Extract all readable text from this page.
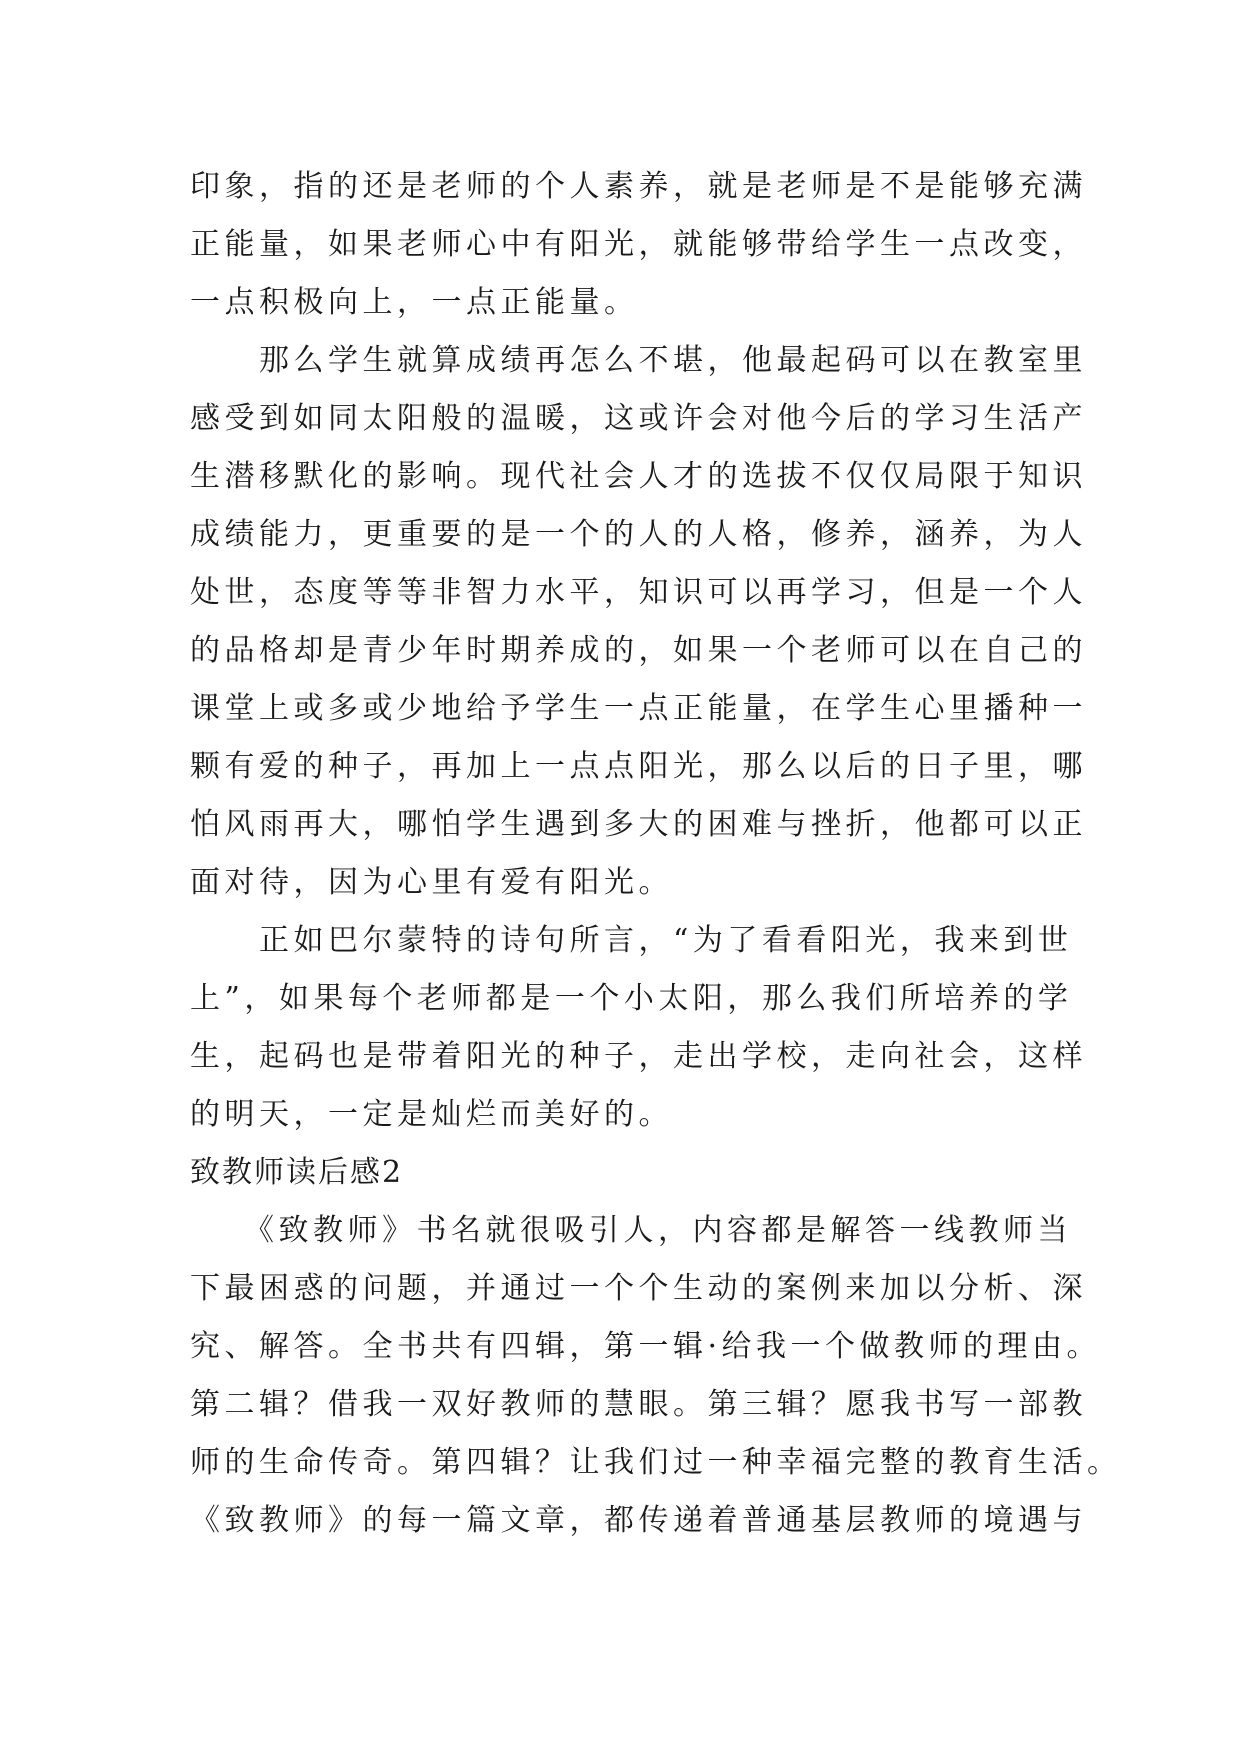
印象，指的还是老师的个人素养，就是老师是不是能够充满
正能量，如果老师心中有阳光，就能够带给学生一点改变，
一点积极向上，一点正能量。
　　那么学生就算成绩再怎么不堪，他最起码可以在教室里
感受到如同太阳般的温暖，这或许会对他今后的学习生活产
生潜移默化的影响。现代社会人才的选拔不仅仅局限于知识
成绩能力，更重要的是一个的人的人格，修养，涵养，为人
处世，态度等等非智力水平，知识可以再学习，但是一个人
的品格却是青少年时期养成的，如果一个老师可以在自己的
课堂上或多或少地给予学生一点正能量，在学生心里播种一
颗有爱的种子，再加上一点点阳光，那么以后的日子里，哪
怕风雨再大，哪怕学生遇到多大的困难与挫折，他都可以正
面对待，因为心里有爱有阳光。
　　正如巴尔蒙特的诗句所言，“为了看看阳光，我来到世
上”，如果每个老师都是一个小太阳，那么我们所培养的学
生，起码也是带着阳光的种子，走出学校，走向社会，这样
的明天，一定是灿烂而美好的。
致教师读后感2
　　《致教师》书名就很吸引人，内容都是解答一线教师当
下最困惑的问题，并通过一个个生动的案例来加以分析、深
究、解答。全书共有四辑，第一辑·给我一个做教师的理由。
第二辑？借我一双好教师的慧眼。第三辑？愿我书写一部教
师的生命传奇。第四辑？让我们过一种幸福完整的教育生活。
《致教师》的每一篇文章，都传递着普通基层教师的境遇与
